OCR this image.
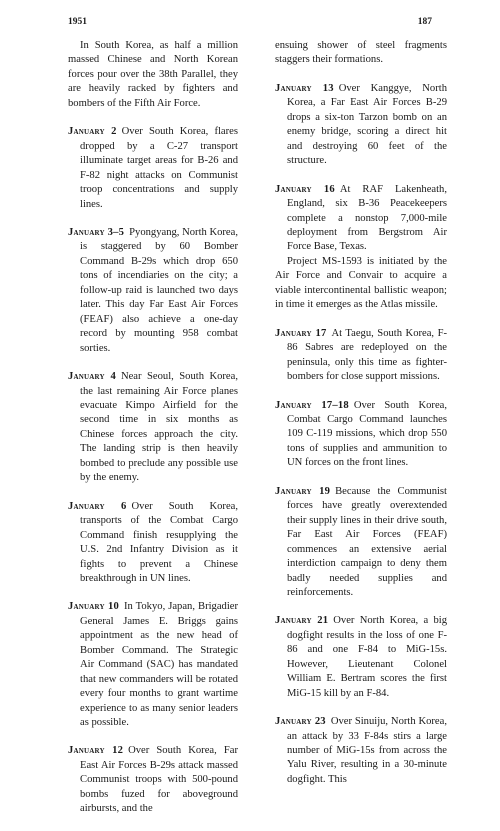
1951	187

In South Korea, as half a million massed Chinese and North Korean forces pour over the 38th Parallel, they are heavily racked by fighters and bombers of the Fifth Air Force.

January 2 Over South Korea, flares dropped by a C-27 transport illuminate target areas for B-26 and F-82 night attacks on Communist troop concentrations and supply lines.

January 3–5 Pyongyang, North Korea, is staggered by 60 Bomber Command B-29s which drop 650 tons of incendiaries on the city; a follow-up raid is launched two days later. This day Far East Air Forces (FEAF) also achieve a one-day record by mounting 958 combat sorties.

January 4 Near Seoul, South Korea, the last remaining Air Force planes evacuate Kimpo Airfield for the second time in six months as Chinese forces approach the city. The landing strip is then heavily bombed to preclude any possible use by the enemy.

January 6 Over South Korea, transports of the Combat Cargo Command finish resupplying the U.S. 2nd Infantry Division as it fights to prevent a Chinese breakthrough in UN lines.

January 10 In Tokyo, Japan, Brigadier General James E. Briggs gains appointment as the new head of Bomber Command. The Strategic Air Command (SAC) has mandated that new commanders will be rotated every four months to grant wartime experience to as many senior leaders as possible.

January 12 Over South Korea, Far East Air Forces B-29s attack massed Communist troops with 500-pound bombs fuzed for aboveground airbursts, and the

ensuing shower of steel fragments staggers their formations.

January 13 Over Kanggye, North Korea, a Far East Air Forces B-29 drops a six-ton Tarzon bomb on an enemy bridge, scoring a direct hit and destroying 60 feet of the structure.

January 16 At RAF Lakenheath, England, six B-36 Peacekeepers complete a nonstop 7,000-mile deployment from Bergstrom Air Force Base, Texas.

Project MS-1593 is initiated by the Air Force and Convair to acquire a viable intercontinental ballistic weapon; in time it emerges as the Atlas missile.

January 17 At Taegu, South Korea, F-86 Sabres are redeployed on the peninsula, only this time as fighter-bombers for close support missions.

January 17–18 Over South Korea, Combat Cargo Command launches 109 C-119 missions, which drop 550 tons of supplies and ammunition to UN forces on the front lines.

January 19 Because the Communist forces have greatly overextended their supply lines in their drive south, Far East Air Forces (FEAF) commences an extensive aerial interdiction campaign to deny them badly needed supplies and reinforcements.

January 21 Over North Korea, a big dogfight results in the loss of one F-86 and one F-84 to MiG-15s. However, Lieutenant Colonel William E. Bertram scores the first MiG-15 kill by an F-84.

January 23 Over Sinuiju, North Korea, an attack by 33 F-84s stirs a large number of MiG-15s from across the Yalu River, resulting in a 30-minute dogfight. This
